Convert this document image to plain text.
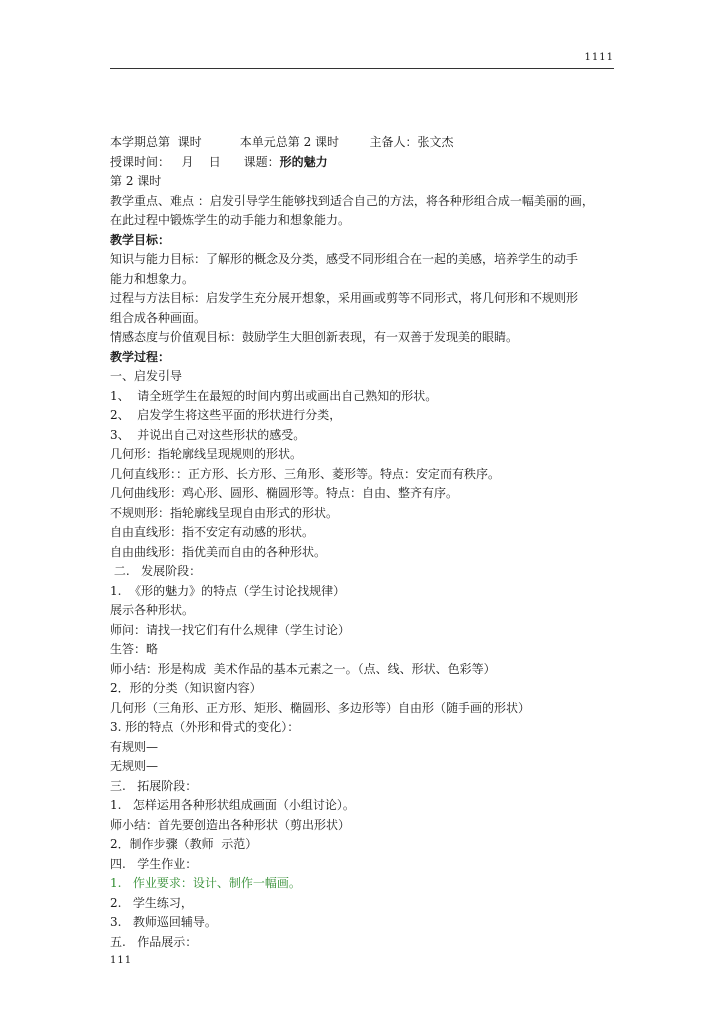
1111
本学期总第  课时          本单元总第 2 课时        主备人：张文杰
授课时间：   月    日      课题：形的魅力
第 2 课时
教学重点、难点 ：启发引导学生能够找到适合自己的方法，将各种形组合成一幅美丽的画，
在此过程中锻炼学生的动手能力和想象能力。
教学目标：
知识与能力目标：了解形的概念及分类，感受不同形组合在一起的美感，培养学生的动手
能力和想象力。
过程与方法目标：启发学生充分展开想象，采用画或剪等不同形式，将几何形和不规则形
组合成各种画面。
情感态度与价值观目标：鼓励学生大胆创新表现，有一双善于发现美的眼睛。
教学过程：
一、启发引导
1、  请全班学生在最短的时间内剪出或画出自己熟知的形状。
2、  启发学生将这些平面的形状进行分类，
3、  并说出自己对这些形状的感受。
几何形：指轮廓线呈现规则的形状。
几何直线形：：正方形、长方形、三角形、菱形等。特点：安定而有秩序。
几何曲线形：鸡心形、圆形、椭圆形等。特点：自由、整齐有序。
不规则形：指轮廓线呈现自由形式的形状。
自由直线形：指不安定有动感的形状。
自由曲线形：指优美而自由的各种形状。
二.   发展阶段：
1.  《形的魅力》的特点（学生讨论找规律）
展示各种形状。
师问：请找一找它们有什么规律（学生讨论）
生答：略
师小结：形是构成  美术作品的基本元素之一。（点、线、形状、色彩等）
2．形的分类（知识窗内容）
几何形（三角形、正方形、矩形、椭圆形、多边形等）自由形（随手画的形状）
3. 形的特点（外形和骨式的变化）：
有规则—
无规则—
三.   拓展阶段：
1.   怎样运用各种形状组成画面（小组讨论）。
师小结：首先要创造出各种形状（剪出形状）
2．制作步骤（教师  示范）
四.   学生作业：
1.   作业要求：设计、制作一幅画。
2.   学生练习，
3.   教师巡回辅导。
五.   作品展示：
111
